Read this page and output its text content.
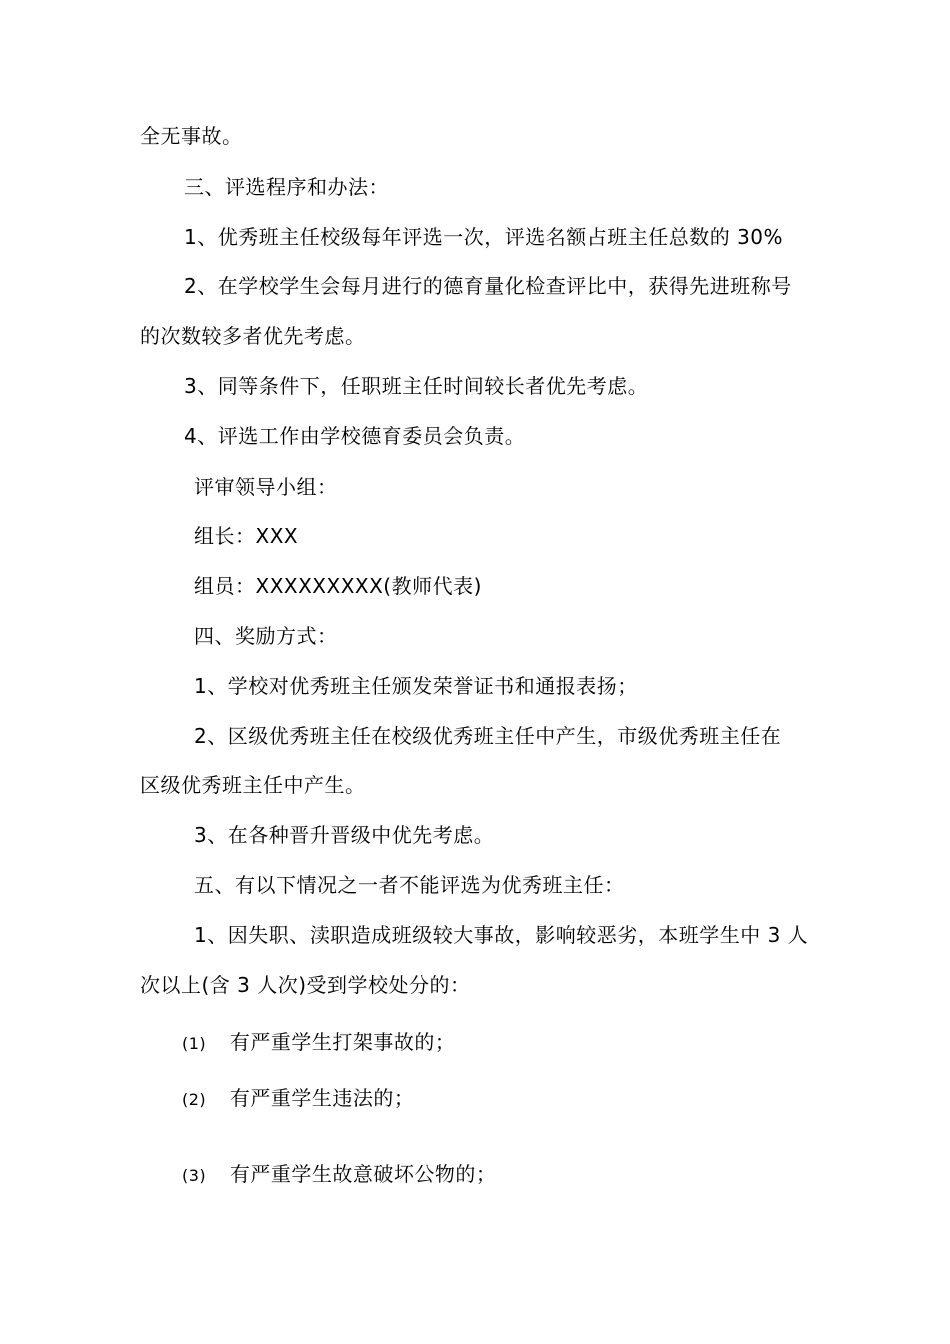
全无事故。
三、评选程序和办法：
1、优秀班主任校级每年评选一次，评选名额占班主任总数的 30%
2、在学校学生会每月进行的德育量化检查评比中，获得先进班称号
的次数较多者优先考虑。
3、同等条件下，任职班主任时间较长者优先考虑。
4、评选工作由学校德育委员会负责。
评审领导小组：
组长：XXX
组员：XXXXXXXXX(教师代表)
四、奖励方式：
1、学校对优秀班主任颁发荣誉证书和通报表扬；
2、区级优秀班主任在校级优秀班主任中产生，市级优秀班主任在
区级优秀班主任中产生。
3、在各种晋升晋级中优先考虑。
五、有以下情况之一者不能评选为优秀班主任：
1、因失职、渎职造成班级较大事故，影响较恶劣，本班学生中 3 人
次以上(含 3 人次)受到学校处分的：
(1) 有严重学生打架事故的；
(2) 有严重学生违法的；
(3) 有严重学生故意破坏公物的；
